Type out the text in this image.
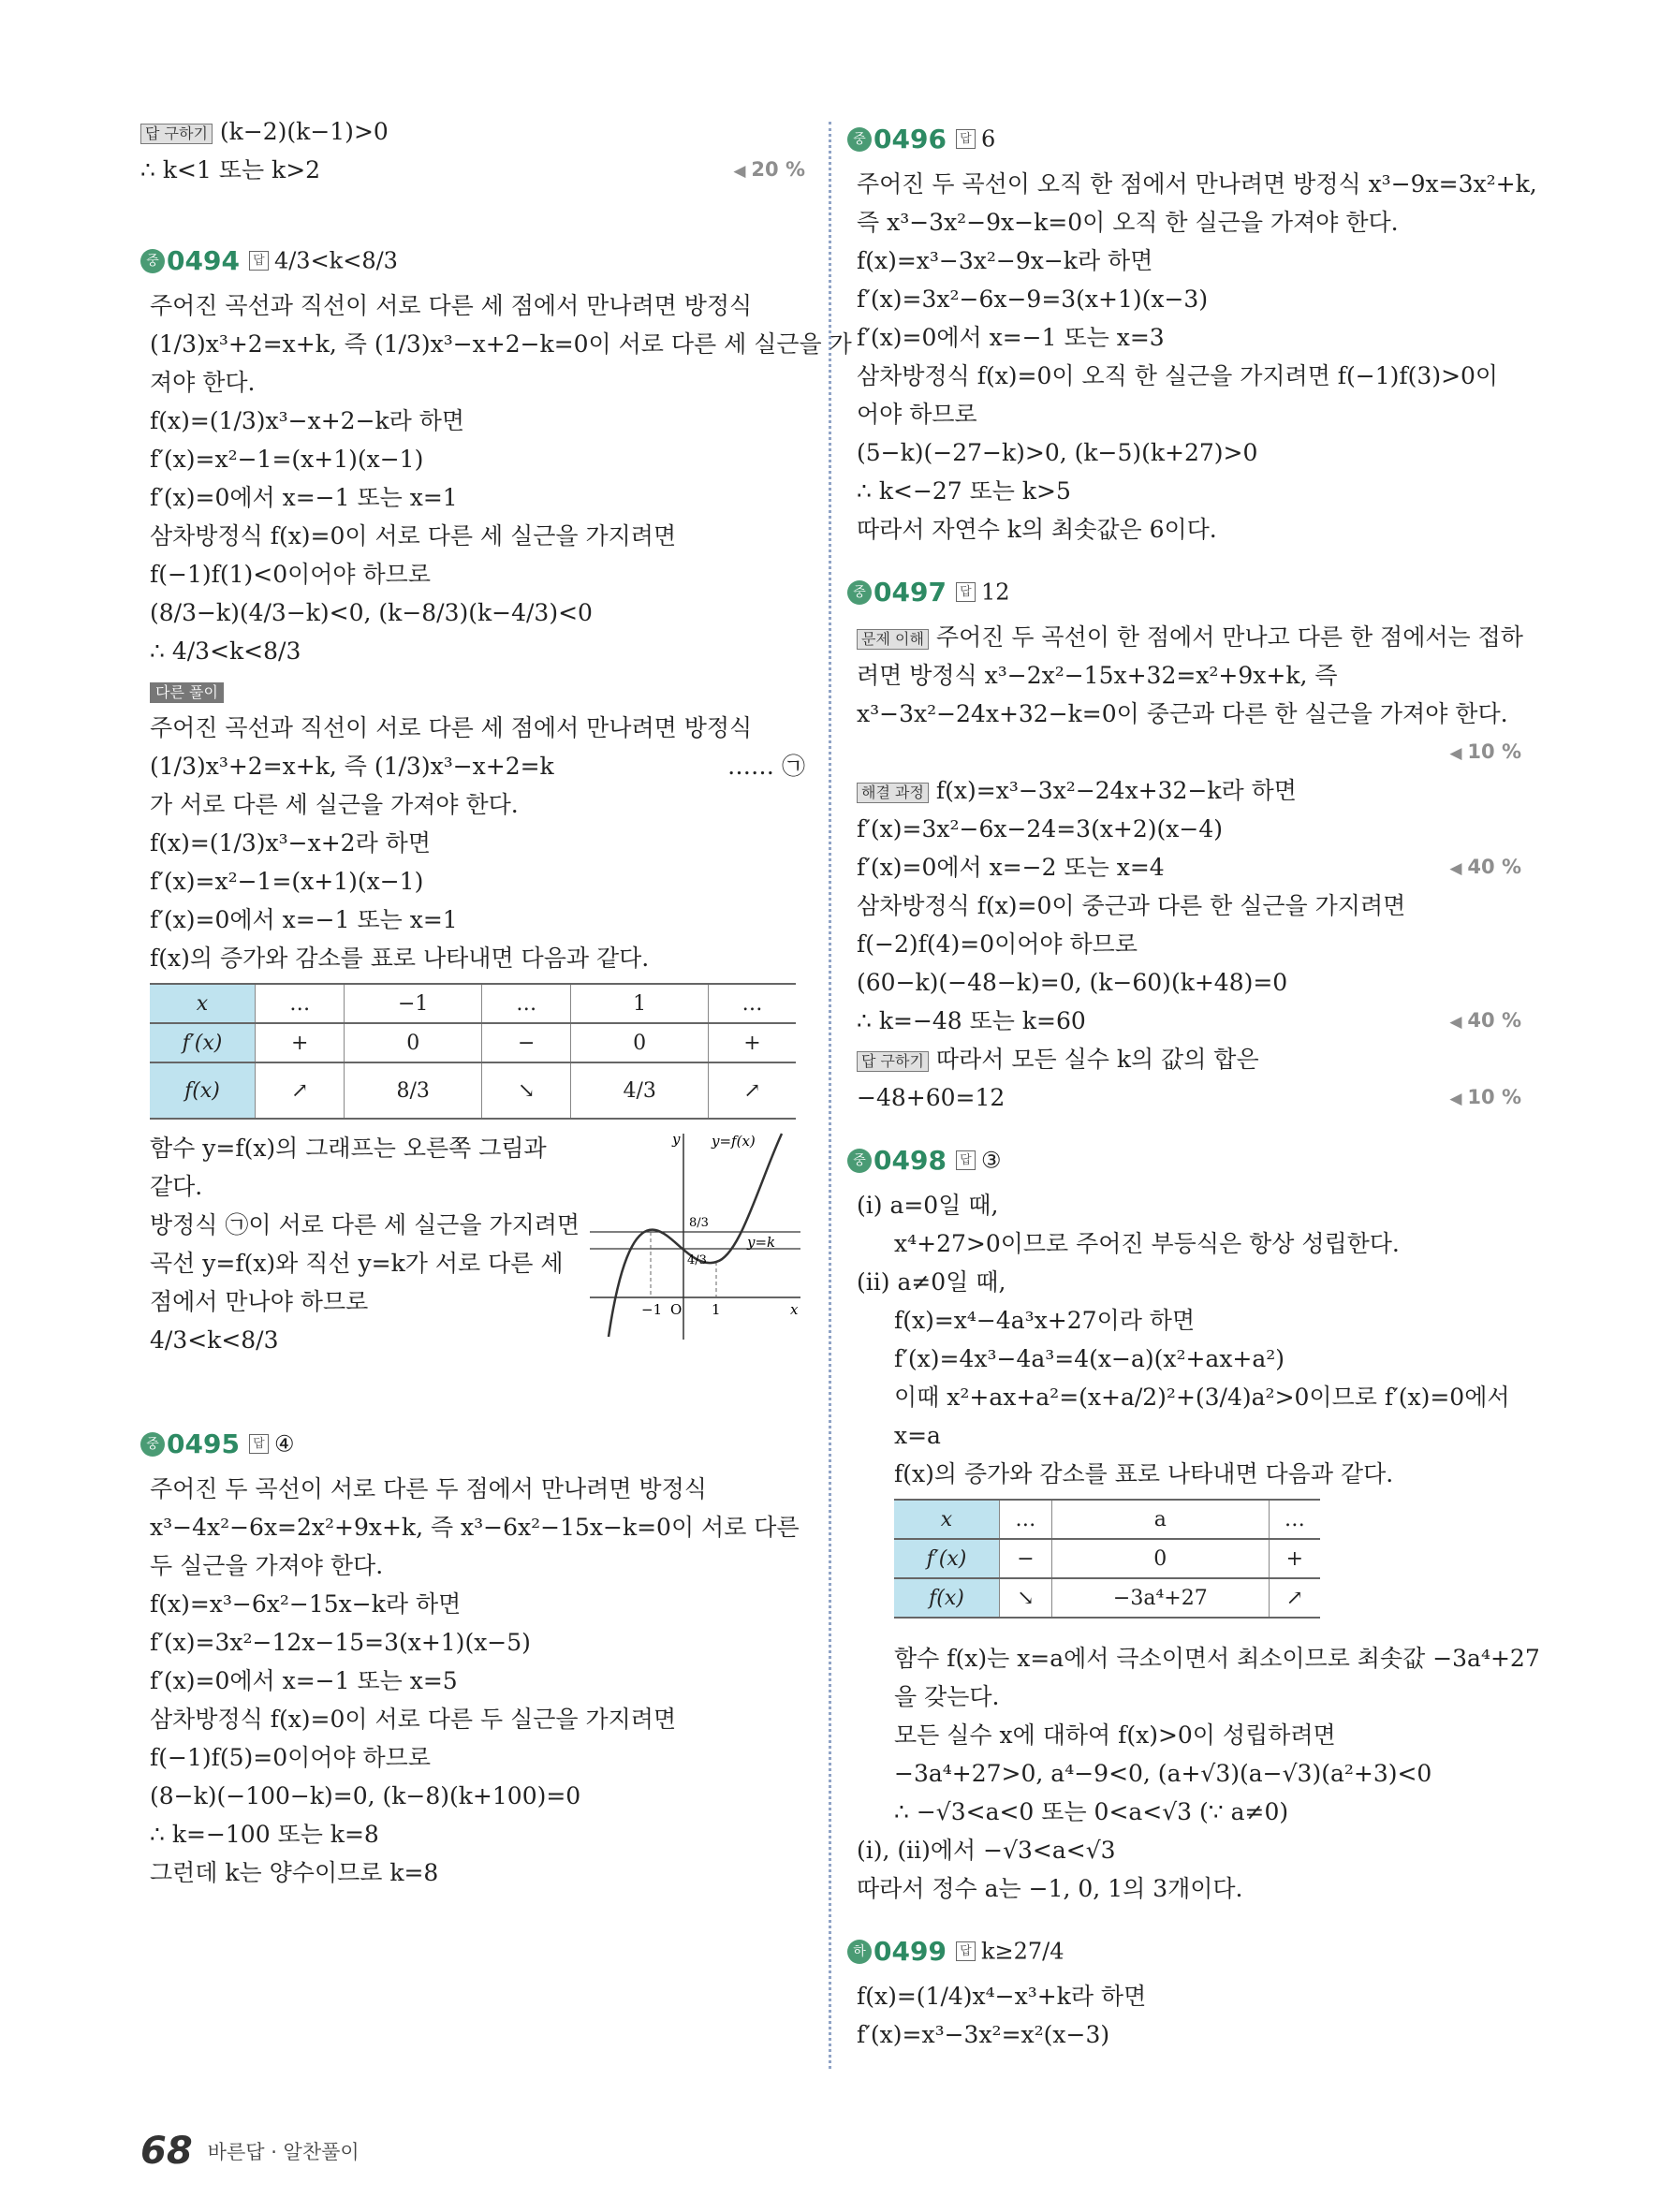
답 구하기 (k−2)(k−1)>0
∴ k<1 또는 k>2	◀ 20 %
중 0494 답 4/3<k<8/3
주어진 곡선과 직선이 서로 다른 세 점에서 만나려면 방정식
(1/3)x³+2=x+k, 즉 (1/3)x³−x+2−k=0이 서로 다른 세 실근을 가
져야 한다.
f(x)=(1/3)x³−x+2−k라 하면
f′(x)=x²−1=(x+1)(x−1)
f′(x)=0에서 x=−1 또는 x=1
삼차방정식 f(x)=0이 서로 다른 세 실근을 가지려면
f(−1)f(1)<0이어야 하므로
(8/3−k)(4/3−k)<0, (k−8/3)(k−4/3)<0
∴ 4/3<k<8/3
다른 풀이
주어진 곡선과 직선이 서로 다른 세 점에서 만나려면 방정식
(1/3)x³+2=x+k, 즉 (1/3)x³−x+2=k	…… ㉠
가 서로 다른 세 실근을 가져야 한다.
f(x)=(1/3)x³−x+2라 하면
f′(x)=x²−1=(x+1)(x−1)
f′(x)=0에서 x=−1 또는 x=1
f(x)의 증가와 감소를 표로 나타내면 다음과 같다.
x	…	−1	…	1	…
f′(x)	+	0	−	0	+
f(x)	↗	8/3	↘	4/3	↗
함수 y=f(x)의 그래프는 오른쪽 그림과
같다.
방정식 ㉠이 서로 다른 세 실근을 가지려면
곡선 y=f(x)와 직선 y=k가 서로 다른 세
점에서 만나야 하므로
4/3<k<8/3
y
x
y=f(x)
y=k
8/3
4/3
−1 O 1
중 0495 답 ④
주어진 두 곡선이 서로 다른 두 점에서 만나려면 방정식
x³−4x²−6x=2x²+9x+k, 즉 x³−6x²−15x−k=0이 서로 다른
두 실근을 가져야 한다.
f(x)=x³−6x²−15x−k라 하면
f′(x)=3x²−12x−15=3(x+1)(x−5)
f′(x)=0에서 x=−1 또는 x=5
삼차방정식 f(x)=0이 서로 다른 두 실근을 가지려면
f(−1)f(5)=0이어야 하므로
(8−k)(−100−k)=0, (k−8)(k+100)=0
∴ k=−100 또는 k=8
그런데 k는 양수이므로 k=8
중 0496 답 6
주어진 두 곡선이 오직 한 점에서 만나려면 방정식 x³−9x=3x²+k,
즉 x³−3x²−9x−k=0이 오직 한 실근을 가져야 한다.
f(x)=x³−3x²−9x−k라 하면
f′(x)=3x²−6x−9=3(x+1)(x−3)
f′(x)=0에서 x=−1 또는 x=3
삼차방정식 f(x)=0이 오직 한 실근을 가지려면 f(−1)f(3)>0이
어야 하므로
(5−k)(−27−k)>0, (k−5)(k+27)>0
∴ k<−27 또는 k>5
따라서 자연수 k의 최솟값은 6이다.
중 0497 답 12
문제 이해 주어진 두 곡선이 한 점에서 만나고 다른 한 점에서는 접하
려면 방정식 x³−2x²−15x+32=x²+9x+k, 즉
x³−3x²−24x+32−k=0이 중근과 다른 한 실근을 가져야 한다.
◀ 10 %
해결 과정 f(x)=x³−3x²−24x+32−k라 하면
f′(x)=3x²−6x−24=3(x+2)(x−4)
f′(x)=0에서 x=−2 또는 x=4	◀ 40 %
삼차방정식 f(x)=0이 중근과 다른 한 실근을 가지려면
f(−2)f(4)=0이어야 하므로
(60−k)(−48−k)=0, (k−60)(k+48)=0
∴ k=−48 또는 k=60	◀ 40 %
답 구하기 따라서 모든 실수 k의 값의 합은
−48+60=12	◀ 10 %
중 0498 답 ③
(i) a=0일 때,
x⁴+27>0이므로 주어진 부등식은 항상 성립한다.
(ii) a≠0일 때,
f(x)=x⁴−4a³x+27이라 하면
f′(x)=4x³−4a³=4(x−a)(x²+ax+a²)
이때 x²+ax+a²=(x+a/2)²+(3/4)a²>0이므로 f′(x)=0에서
x=a
f(x)의 증가와 감소를 표로 나타내면 다음과 같다.
x	…	a	…
f′(x)	−	0	+
f(x)	↘	−3a⁴+27	↗
함수 f(x)는 x=a에서 극소이면서 최소이므로 최솟값 −3a⁴+27
을 갖는다.
모든 실수 x에 대하여 f(x)>0이 성립하려면
−3a⁴+27>0, a⁴−9<0, (a+√3)(a−√3)(a²+3)<0
∴ −√3<a<0 또는 0<a<√3 (∵ a≠0)
(i), (ii)에서 −√3<a<√3
따라서 정수 a는 −1, 0, 1의 3개이다.
하 0499 답 k≥27/4
f(x)=(1/4)x⁴−x³+k라 하면
f′(x)=x³−3x²=x²(x−3)
68 바른답 · 알찬풀이
